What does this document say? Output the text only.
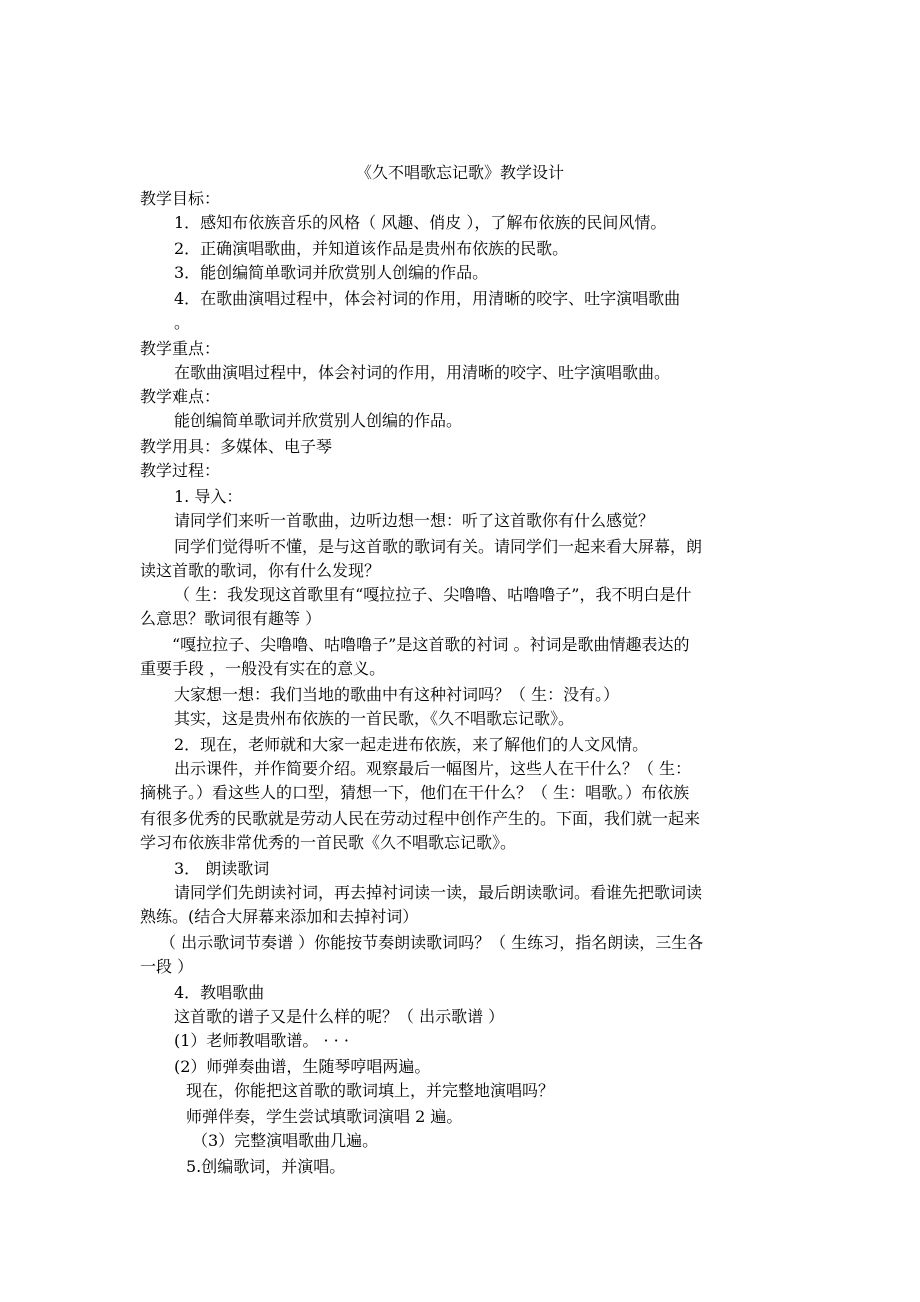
《久不唱歌忘记歌》教学设计

教学目标：

1．感知布依族音乐的风格（ 风趣、俏皮 ），了解布依族的民间风情。

2．正确演唱歌曲，并知道该作品是贵州布依族的民歌。

3．能创编简单歌词并欣赏别人创编的作品。

4．在歌曲演唱过程中，体会衬词的作用，用清晰的咬字、吐字演唱歌曲

。

教学重点：

在歌曲演唱过程中，体会衬词的作用，用清晰的咬字、吐字演唱歌曲。

教学难点：

能创编简单歌词并欣赏别人创编的作品。

教学用具：多媒体、电子琴

教学过程：

1. 导入：

请同学们来听一首歌曲，边听边想一想：听了这首歌你有什么感觉？

同学们觉得听不懂，是与这首歌的歌词有关。请同学们一起来看大屏幕，朗

读这首歌的歌词，你有什么发现？

（ 生：我发现这首歌里有“嘎拉拉子、尖噜噜、咕噜噜子”，我不明白是什

么意思？歌词很有趣等 ）

“嘎拉拉子、尖噜噜、咕噜噜子”是这首歌的衬词 。衬词是歌曲情趣表达的

重要手段 ，一般没有实在的意义。

大家想一想：我们当地的歌曲中有这种衬词吗？（ 生：没有。）

其实，这是贵州布依族的一首民歌，《久不唱歌忘记歌》。

2．现在，老师就和大家一起走进布依族，来了解他们的人文风情。

出示课件，并作简要介绍。观察最后一幅图片，这些人在干什么？（ 生：

摘桃子。）看这些人的口型，猜想一下，他们在干什么？（ 生：唱歌。）布依族

有很多优秀的民歌就是劳动人民在劳动过程中创作产生的。下面，我们就一起来

学习布依族非常优秀的一首民歌《久不唱歌忘记歌》。

3． 朗读歌词

请同学们先朗读衬词，再去掉衬词读一读，最后朗读歌词。看谁先把歌词读

熟练。(结合大屏幕来添加和去掉衬词）

（ 出示歌词节奏谱 ）你能按节奏朗读歌词吗？（ 生练习，指名朗读，三生各

一段 ）

4．教唱歌曲

这首歌的谱子又是什么样的呢？（ 出示歌谱 ）

(1）老师教唱歌谱。 · · ·

(2）师弹奏曲谱，生随琴哼唱两遍。

现在，你能把这首歌的歌词填上，并完整地演唱吗？

师弹伴奏，学生尝试填歌词演唱 2 遍。

（3）完整演唱歌曲几遍。

5.创编歌词，并演唱。
